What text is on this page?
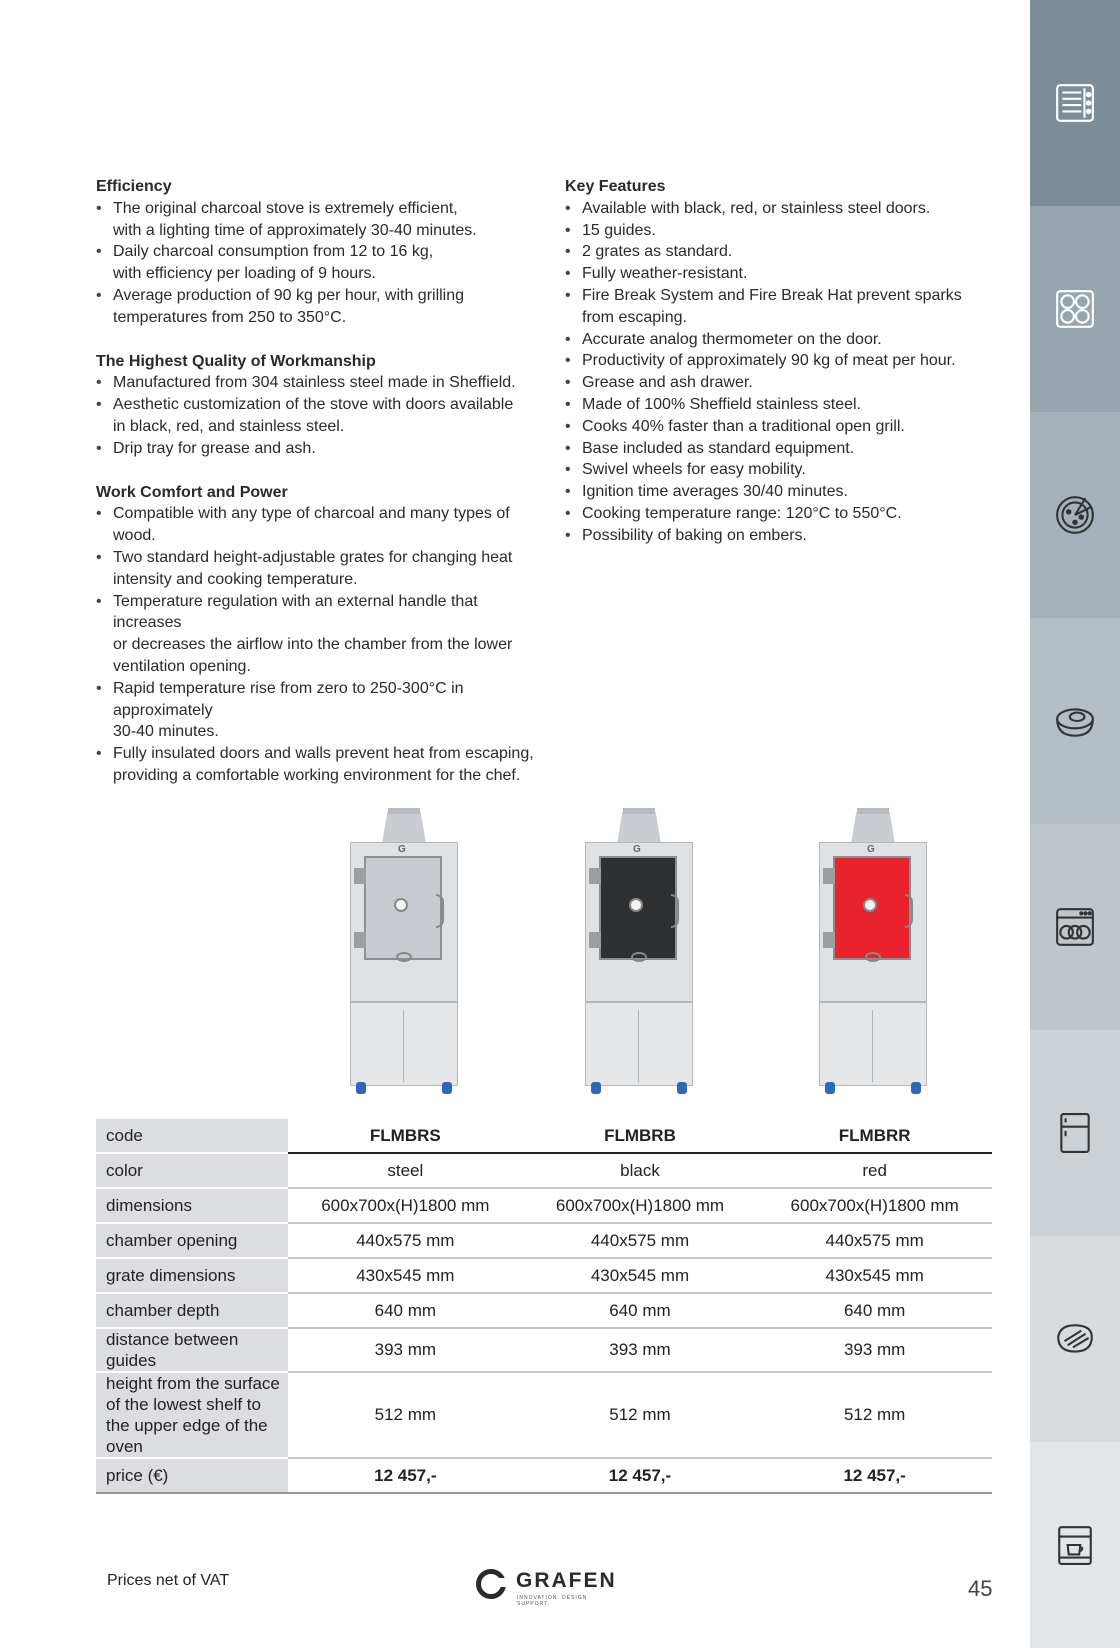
Efficiency

• The original charcoal stove is extremely efficient,
with a lighting time of approximately 30-40 minutes.
• Daily charcoal consumption from 12 to 16 kg,
with efficiency per loading of 9 hours.
• Average production of 90 kg per hour, with grilling
temperatures from 250 to 350°C.

The Highest Quality of Workmanship

• Manufactured from 304 stainless steel made in Sheffield.
• Aesthetic customization of the stove with doors available
in black, red, and stainless steel.
• Drip tray for grease and ash.

Work Comfort and Power

• Compatible with any type of charcoal and many types of wood.
• Two standard height-adjustable grates for changing heat
intensity and cooking temperature.
• Temperature regulation with an external handle that increases
or decreases the airflow into the chamber from the lower
ventilation opening.
• Rapid temperature rise from zero to 250-300°C in approximately
30-40 minutes.
• Fully insulated doors and walls prevent heat from escaping,
providing a comfortable working environment for the chef.

Key Features

• Available with black, red, or stainless steel doors.
• 15 guides.
• 2 grates as standard.
• Fully weather-resistant.
• Fire Break System and Fire Break Hat prevent sparks
from escaping.
• Accurate analog thermometer on the door.
• Productivity of approximately 90 kg of meat per hour.
• Grease and ash drawer.
• Made of 100% Sheffield stainless steel.
• Cooks 40% faster than a traditional open grill.
• Base included as standard equipment.
• Swivel wheels for easy mobility.
• Ignition time averages 30/40 minutes.
• Cooking temperature range: 120°C to 550°C.
• Possibility of baking on embers.
G	G	G
code	FLMBRS	FLMBRB	FLMBRR
color	steel	black	red
dimensions	600x700x(H)1800 mm	600x700x(H)1800 mm	600x700x(H)1800 mm
chamber opening	440x575 mm	440x575 mm	440x575 mm
grate dimensions	430x545 mm	430x545 mm	430x545 mm
chamber depth	640 mm	640 mm	640 mm
distance between guides	393 mm	393 mm	393 mm
height from the surface
of the lowest shelf to
the upper edge of the oven	512 mm	512 mm	512 mm
price (€)	12 457,-	12 457,-	12 457,-
Prices net of VAT	GRAFEN
INNOVATION. DESIGN. SUPPORT.
45
